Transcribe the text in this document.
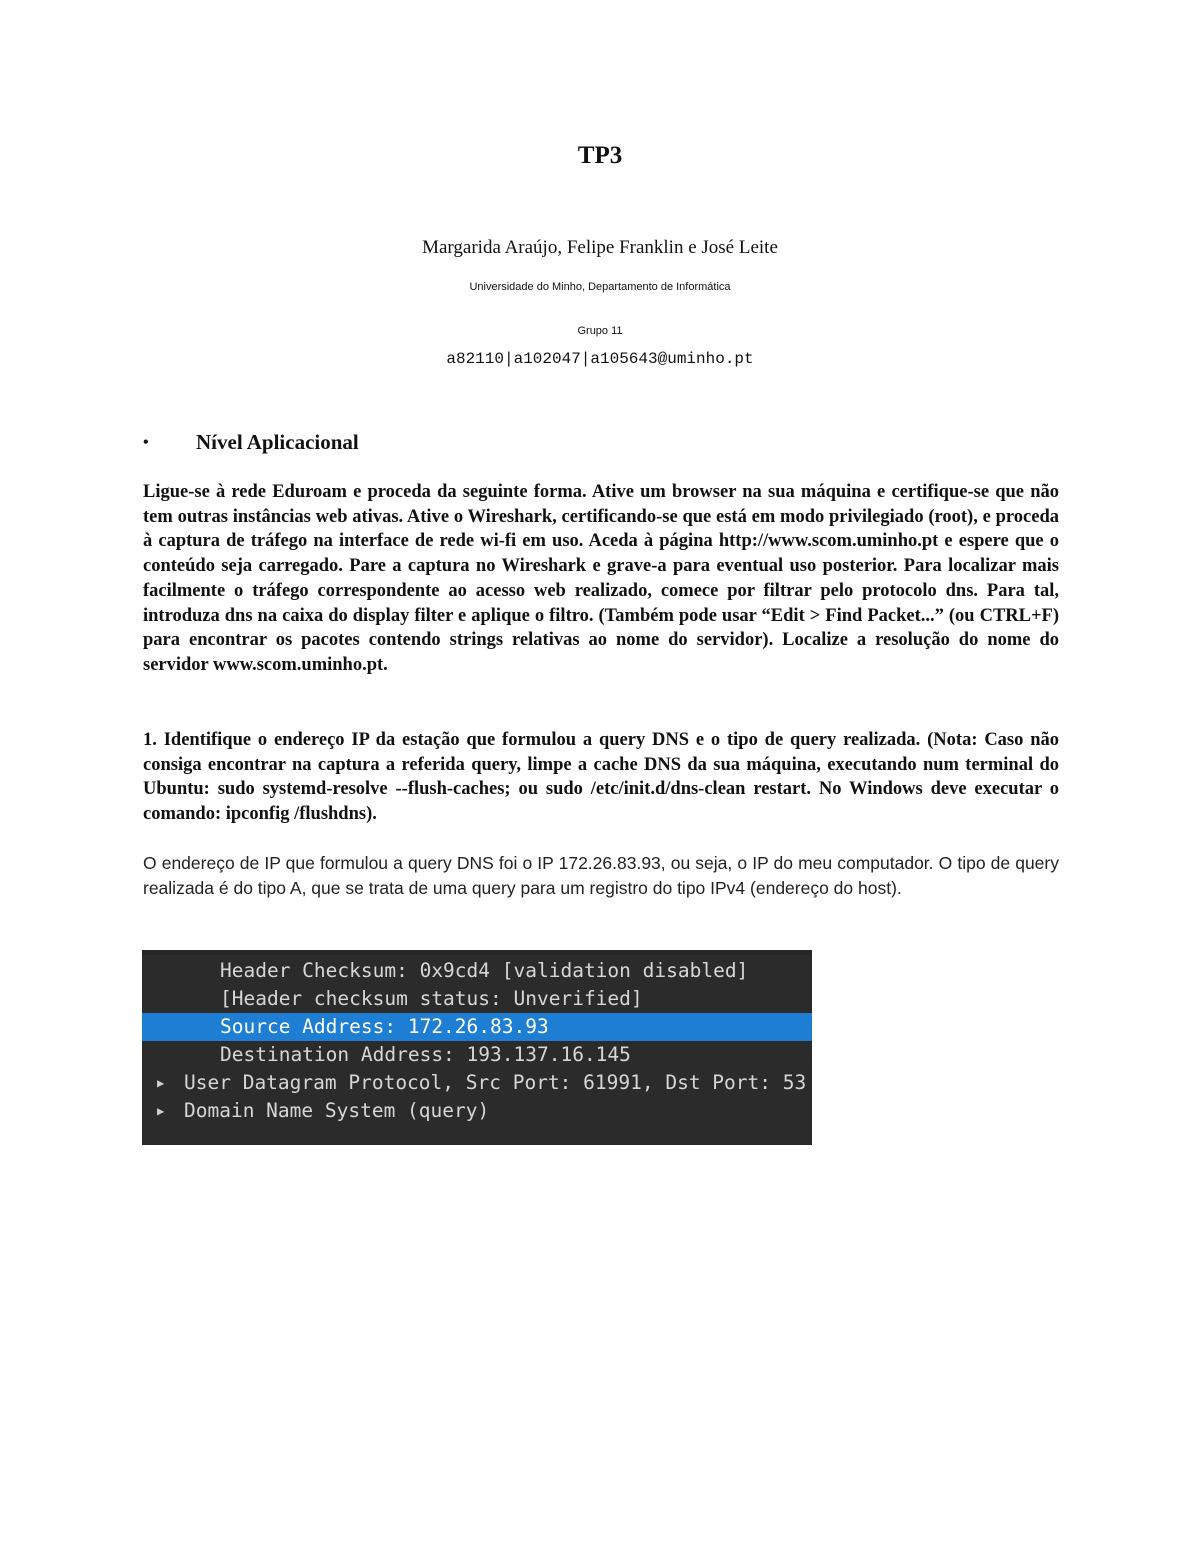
TP3
Margarida Araújo, Felipe Franklin e José Leite
Universidade do Minho, Departamento de Informática
Grupo 11
a82110|a102047|a105643@uminho.pt
• Nível Aplicacional

Ligue-se à rede Eduroam e proceda da seguinte forma. Ative um browser na sua máquina e certifique-se que não tem outras instâncias web ativas. Ative o Wireshark, certificando-se que está em modo privilegiado (root), e proceda à captura de tráfego na interface de rede wi-fi em uso. Aceda à página http://www.scom.uminho.pt e espere que o conteúdo seja carregado. Pare a captura no Wireshark e grave-a para eventual uso posterior. Para localizar mais facilmente o tráfego correspondente ao acesso web realizado, comece por filtrar pelo protocolo dns. Para tal, introduza dns na caixa do display filter e aplique o filtro. (Também pode usar “Edit > Find Packet...” (ou CTRL+F) para encontrar os pacotes contendo strings relativas ao nome do servidor). Localize a resolução do nome do servidor www.scom.uminho.pt.

1. Identifique o endereço IP da estação que formulou a query DNS e o tipo de query realizada. (Nota: Caso não consiga encontrar na captura a referida query, limpe a cache DNS da sua máquina, executando num terminal do Ubuntu: sudo systemd-resolve --flush-caches; ou sudo /etc/init.d/dns-clean restart. No Windows deve executar o comando: ipconfig /flushdns).

O endereço de IP que formulou a query DNS foi o IP 172.26.83.93, ou seja, o IP do meu computador. O tipo de query realizada é do tipo A, que se trata de uma query para um registro do tipo IPv4 (endereço do host).

Header Checksum: 0x9cd4 [validation disabled]
[Header checksum status: Unverified]
Source Address: 172.26.83.93
Destination Address: 193.137.16.145
▶ User Datagram Protocol, Src Port: 61991, Dst Port: 53
▶ Domain Name System (query)
